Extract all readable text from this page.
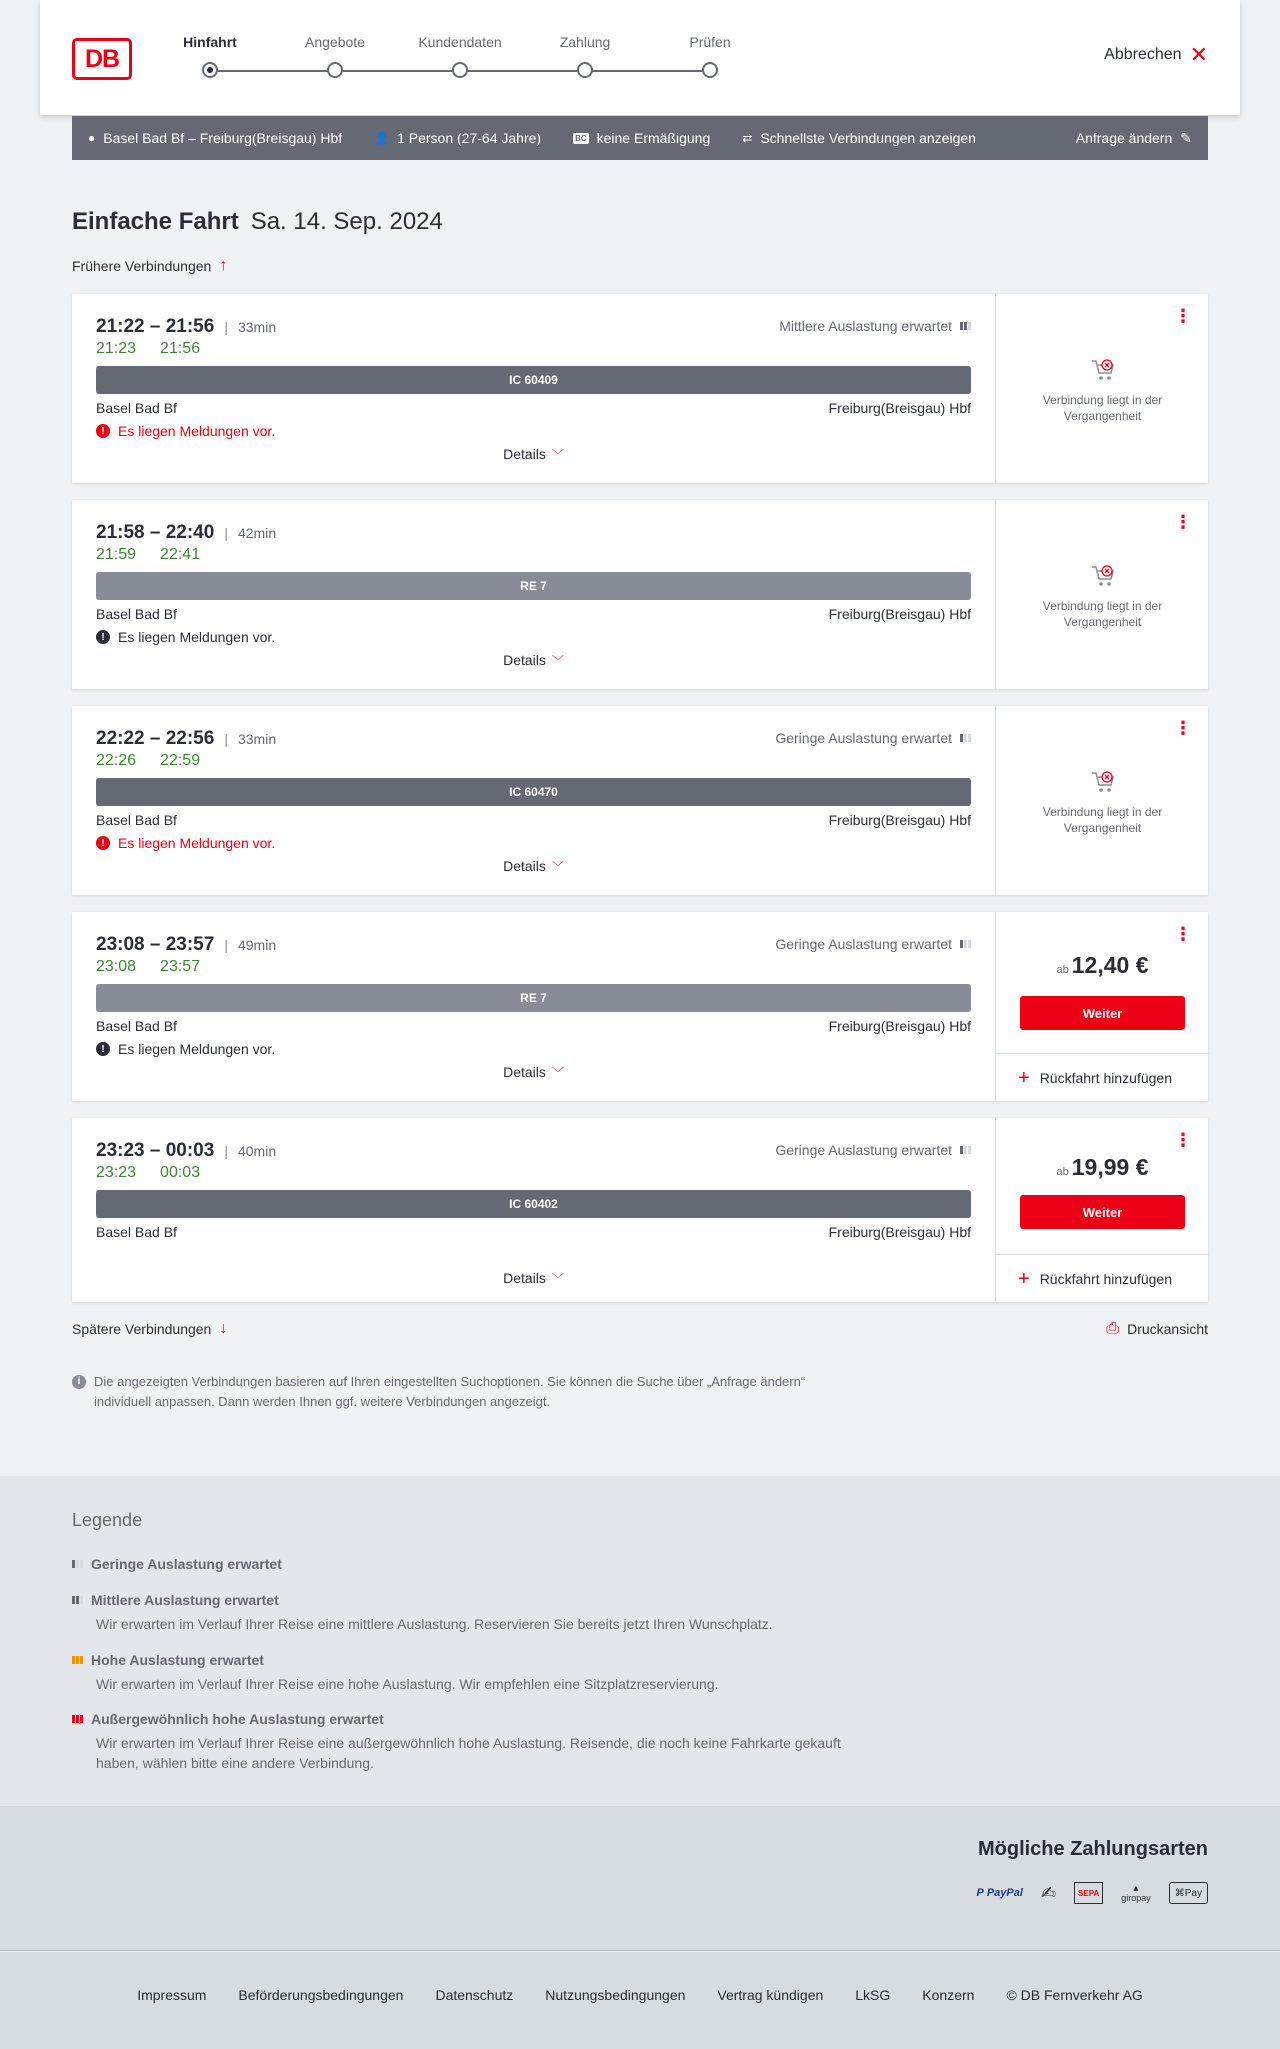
DB
Hinfahrt	Angebote	Kundendaten	Zahlung	Prüfen
Abbrechen ✕
● Basel Bad Bf – Freiburg(Breisgau) Hbf	👤 1 Person (27-64 Jahre)	BC keine Ermäßigung	⇄ Schnellste Verbindungen anzeigen	Anfrage ändern ✎
Einfache Fahrt Sa. 14. Sep. 2024
Frühere Verbindungen ↑
21:22 – 21:56 | 33min
21:23 21:56
Mittlere Auslastung erwartet
IC 60409
Basel Bad Bf	Freiburg(Breisgau) Hbf
! Es liegen Meldungen vor.
Details ﹀
⋮
Verbindung liegt in der Vergangenheit
21:58 – 22:40 | 42min
21:59 22:41
RE 7
Basel Bad Bf	Freiburg(Breisgau) Hbf
! Es liegen Meldungen vor.
Details ﹀
⋮
Verbindung liegt in der Vergangenheit
22:22 – 22:56 | 33min
22:26 22:59
Geringe Auslastung erwartet
IC 60470
Basel Bad Bf	Freiburg(Breisgau) Hbf
! Es liegen Meldungen vor.
Details ﹀
⋮
Verbindung liegt in der Vergangenheit
23:08 – 23:57 | 49min
23:08 23:57
Geringe Auslastung erwartet
RE 7
Basel Bad Bf	Freiburg(Breisgau) Hbf
! Es liegen Meldungen vor.
Details ﹀
⋮
ab 12,40 €
Weiter
+ Rückfahrt hinzufügen
23:23 – 00:03 | 40min
23:23 00:03
Geringe Auslastung erwartet
IC 60402
Basel Bad Bf	Freiburg(Breisgau) Hbf
Details ﹀
⋮
ab 19,99 €
Weiter
+ Rückfahrt hinzufügen
Spätere Verbindungen ↓	⎙ Druckansicht
i	Die angezeigten Verbindungen basieren auf Ihren eingestellten Suchoptionen. Sie können die Suche über „Anfrage ändern“ individuell anpassen. Dann werden Ihnen ggf. weitere Verbindungen angezeigt.
Legende
Geringe Auslastung erwartet
Mittlere Auslastung erwartet
Wir erwarten im Verlauf Ihrer Reise eine mittlere Auslastung. Reservieren Sie bereits jetzt Ihren Wunschplatz.
Hohe Auslastung erwartet
Wir erwarten im Verlauf Ihrer Reise eine hohe Auslastung. Wir empfehlen eine Sitzplatzreservierung.
Außergewöhnlich hohe Auslastung erwartet
Wir erwarten im Verlauf Ihrer Reise eine außergewöhnlich hohe Auslastung. Reisende, die noch keine Fahrkarte gekauft haben, wählen bitte eine andere Verbindung.
Mögliche Zahlungsarten
P PayPal ✍	SEPA	▲
giropay	⌘ Pay
Impressum Beförderungsbedingungen Datenschutz Nutzungsbedingungen Vertrag kündigen LkSG Konzern © DB Fernverkehr AG
